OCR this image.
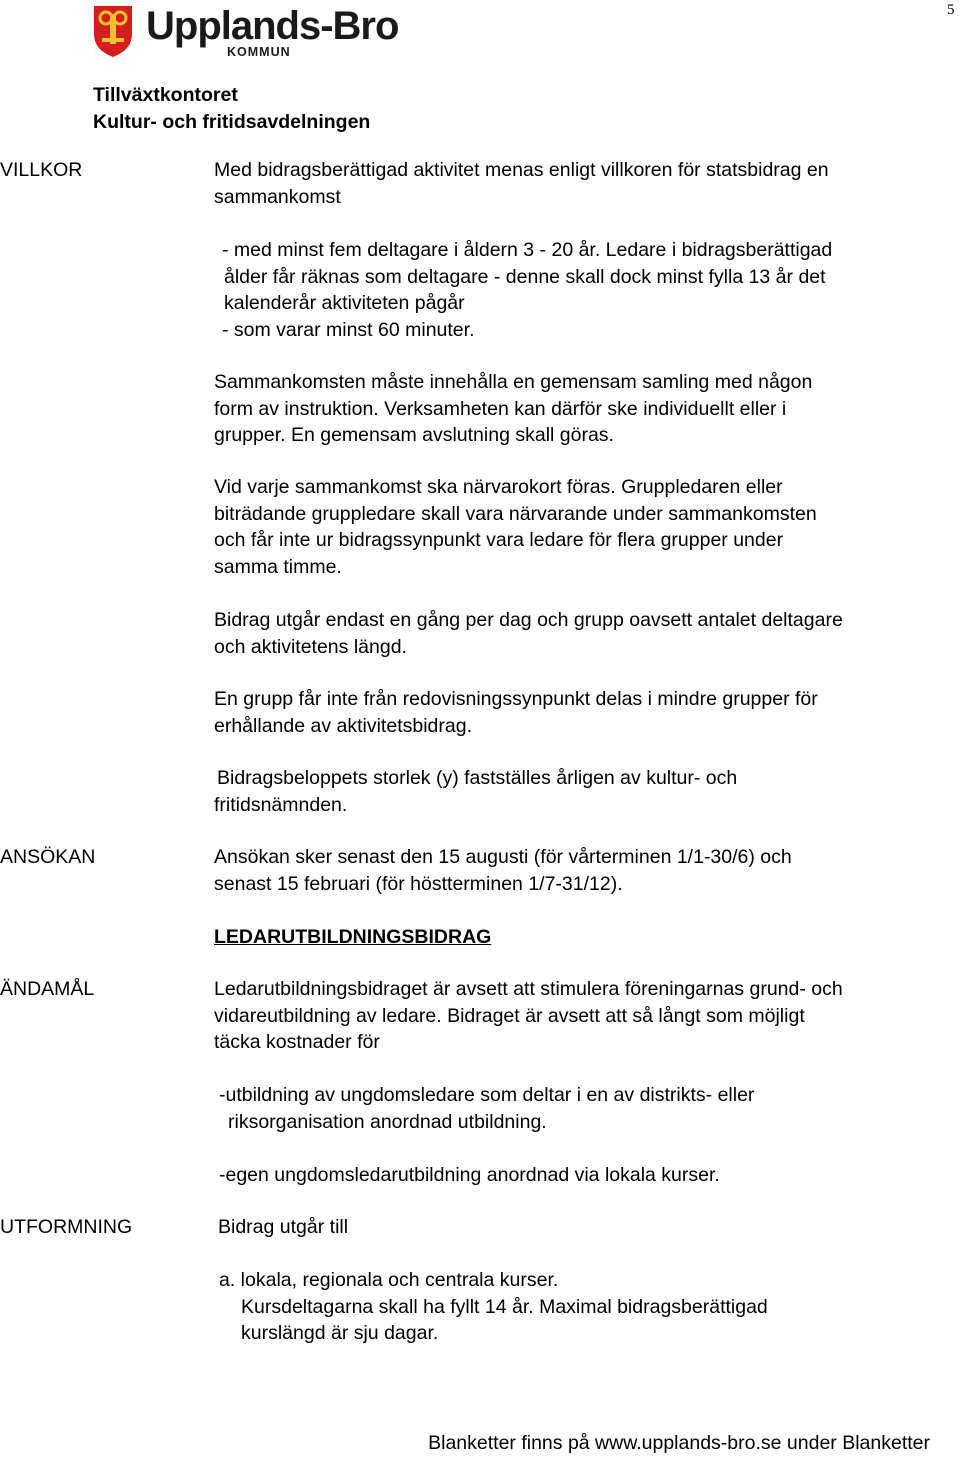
5
Upplands-Bro
KOMMUN
Tillväxtkontoret
Kultur- och fritidsavdelningen
VILLKOR
ANSÖKAN
ÄNDAMÅL
UTFORMNING
Med bidragsberättigad aktivitet menas enligt villkoren för statsbidrag en
sammankomst
- med minst fem deltagare i åldern 3 - 20 år. Ledare i bidragsberättigad
ålder får räknas som deltagare - denne skall dock minst fylla 13 år det
kalenderår aktiviteten pågår
- som varar minst 60 minuter.
Sammankomsten måste innehålla en gemensam samling med någon
form av instruktion. Verksamheten kan därför ske individuellt eller i
grupper. En gemensam avslutning skall göras.
Vid varje sammankomst ska närvarokort föras. Gruppledaren eller
biträdande gruppledare skall vara närvarande under sammankomsten
och får inte ur bidragssynpunkt vara ledare för flera grupper under
samma timme.
Bidrag utgår endast en gång per dag och grupp oavsett antalet deltagare
och aktivitetens längd.
En grupp får inte från redovisningssynpunkt delas i mindre grupper för
erhållande av aktivitetsbidrag.
Bidragsbeloppets storlek (y) fastställes årligen av kultur- och
fritidsnämnden.
Ansökan sker senast den 15 augusti (för vårterminen 1/1-30/6) och
senast 15 februari (för höstterminen 1/7-31/12).
LEDARUTBILDNINGSBIDRAG
Ledarutbildningsbidraget är avsett att stimulera föreningarnas grund- och
vidareutbildning av ledare. Bidraget är avsett att så långt som möjligt
täcka kostnader för
-utbildning av ungdomsledare som deltar i en av distrikts- eller
riksorganisation anordnad utbildning.
-egen ungdomsledarutbildning anordnad via lokala kurser.
Bidrag utgår till
a. lokala, regionala och centrala kurser.
Kursdeltagarna skall ha fyllt 14 år. Maximal bidragsberättigad
kurslängd är sju dagar.
Blanketter finns på www.upplands-bro.se under Blanketter
